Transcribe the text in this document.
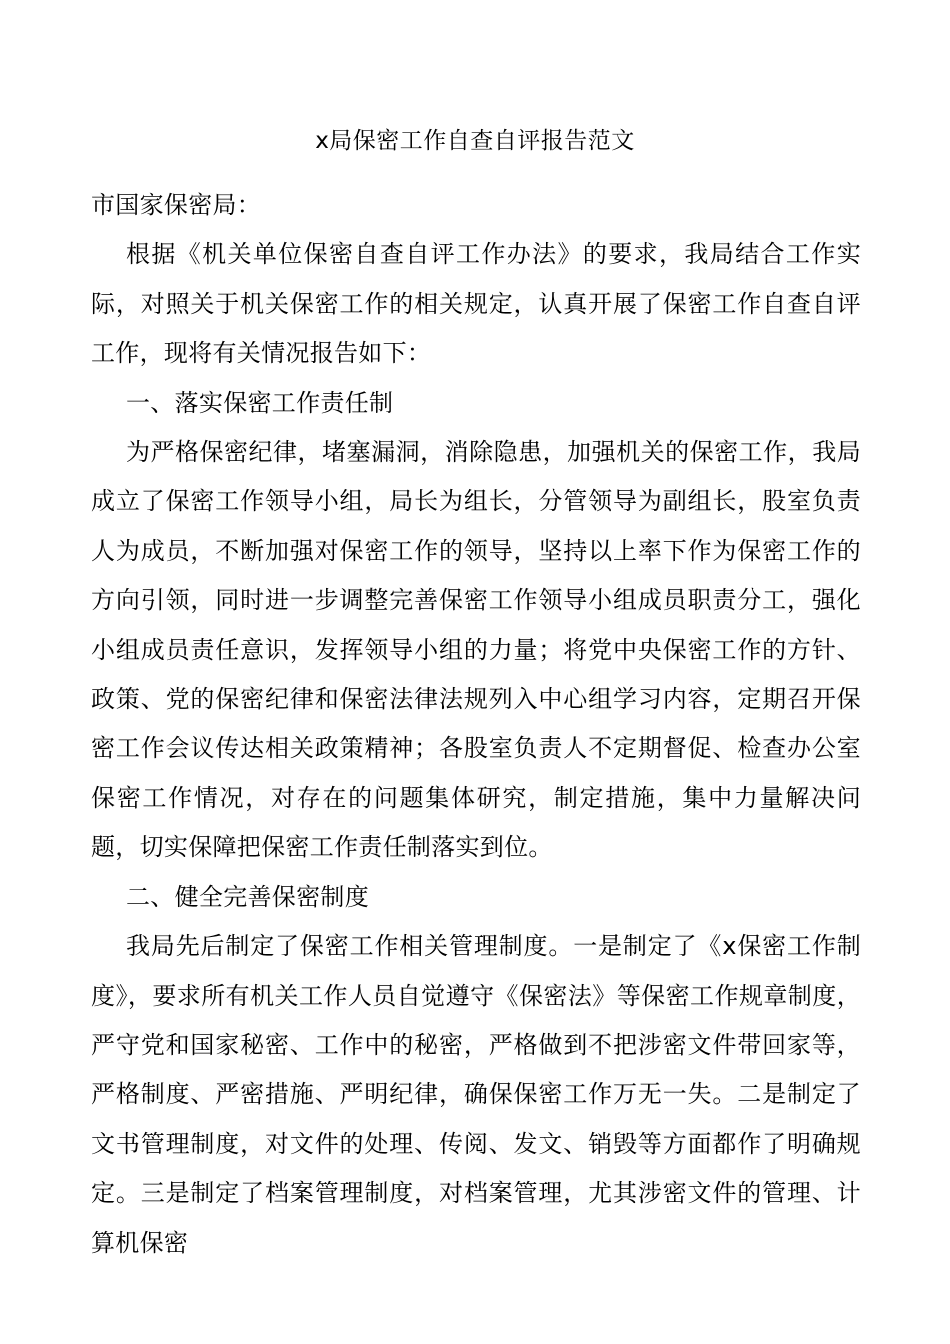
x局保密工作自查自评报告范文

市国家保密局：

根据《机关单位保密自查自评工作办法》的要求，我局结合工作实际，对照关于机关保密工作的相关规定，认真开展了保密工作自查自评工作，现将有关情况报告如下：

一、落实保密工作责任制

为严格保密纪律，堵塞漏洞，消除隐患，加强机关的保密工作，我局成立了保密工作领导小组，局长为组长，分管领导为副组长，股室负责人为成员，不断加强对保密工作的领导，坚持以上率下作为保密工作的方向引领，同时进一步调整完善保密工作领导小组成员职责分工，强化小组成员责任意识，发挥领导小组的力量；将党中央保密工作的方针、政策、党的保密纪律和保密法律法规列入中心组学习内容，定期召开保密工作会议传达相关政策精神；各股室负责人不定期督促、检查办公室保密工作情况，对存在的问题集体研究，制定措施，集中力量解决问题，切实保障把保密工作责任制落实到位。

二、健全完善保密制度

我局先后制定了保密工作相关管理制度。一是制定了《x保密工作制度》，要求所有机关工作人员自觉遵守《保密法》等保密工作规章制度，严守党和国家秘密、工作中的秘密，严格做到不把涉密文件带回家等，严格制度、严密措施、严明纪律，确保保密工作万无一失。二是制定了文书管理制度，对文件的处理、传阅、发文、销毁等方面都作了明确规定。三是制定了档案管理制度，对档案管理，尤其涉密文件的管理、计算机保密
